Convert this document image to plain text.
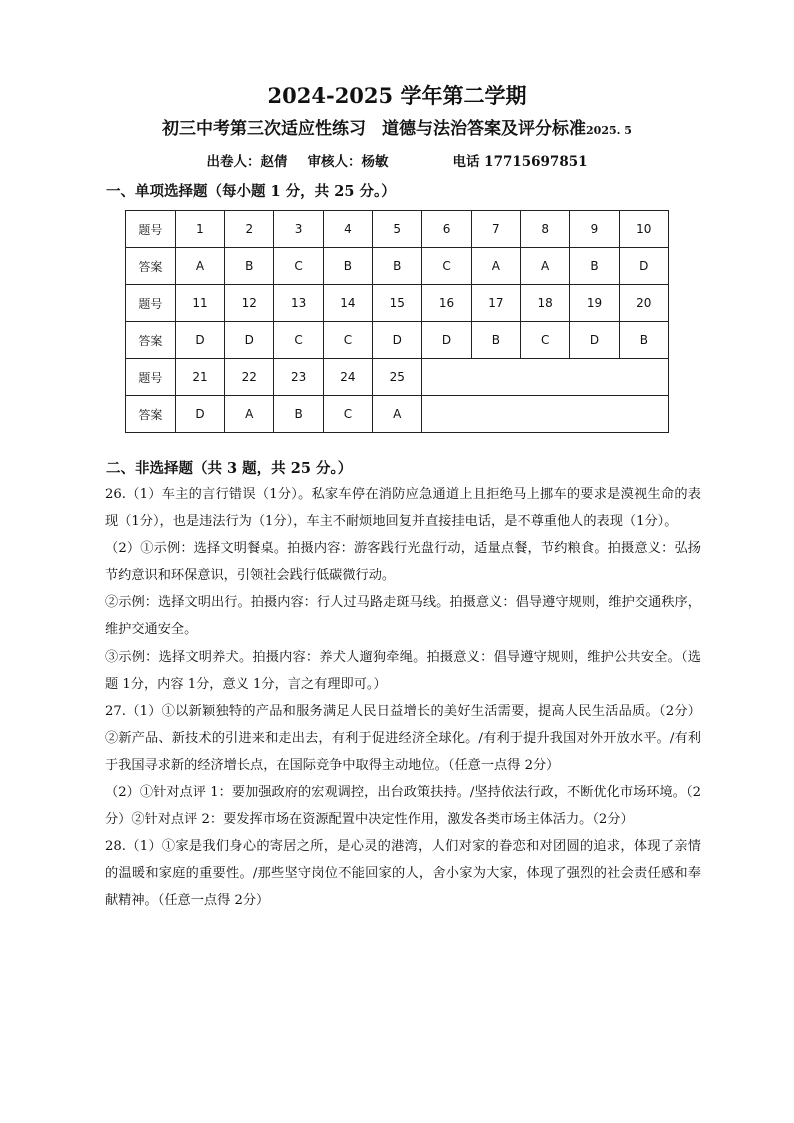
2024-2025 学年第二学期
初三中考第三次适应性练习 道德与法治答案及评分标准2025. 5
出卷人：赵倩 审核人：杨敏	电话 17715697851
一、单项选择题（每小题 1 分，共 25 分。）
题号	1	2	3	4	5	6	7	8	9	10
答案	A	B	C	B	B	C	A	A	B	D
题号	11	12	13	14	15	16	17	18	19	20
答案	D	D	C	C	D	D	B	C	D	B
题号	21	22	23	24	25					
答案	D	A	B	C	A					
二、非选择题（共 3 题，共 25 分。）

26.（1）车主的言行错误（1分）。私家车停在消防应急通道上且拒绝马上挪车的要求是漠视生命的表现（1分），也是违法行为（1分），车主不耐烦地回复并直接挂电话，是不尊重他人的表现（1分）。

（2）①示例：选择文明餐桌。拍摄内容：游客践行光盘行动，适量点餐，节约粮食。拍摄意义：弘扬节约意识和环保意识，引领社会践行低碳微行动。

②示例：选择文明出行。拍摄内容：行人过马路走斑马线。拍摄意义：倡导遵守规则，维护交通秩序，维护交通安全。

③示例：选择文明养犬。拍摄内容：养犬人遛狗牵绳。拍摄意义：倡导遵守规则，维护公共安全。（选题 1分，内容 1分，意义 1分，言之有理即可。）

27.（1）①以新颖独特的产品和服务满足人民日益增长的美好生活需要，提高人民生活品质。（2分）②新产品、新技术的引进来和走出去，有利于促进经济全球化。/有利于提升我国对外开放水平。/有利于我国寻求新的经济增长点，在国际竞争中取得主动地位。（任意一点得 2分）

（2）①针对点评 1：要加强政府的宏观调控，出台政策扶持。/坚持依法行政，不断优化市场环境。（2分）②针对点评 2：要发挥市场在资源配置中决定性作用，激发各类市场主体活力。（2分）

28.（1）①家是我们身心的寄居之所，是心灵的港湾，人们对家的眷恋和对团圆的追求，体现了亲情的温暖和家庭的重要性。/那些坚守岗位不能回家的人，舍小家为大家，体现了强烈的社会责任感和奉献精神。（任意一点得 2分）
